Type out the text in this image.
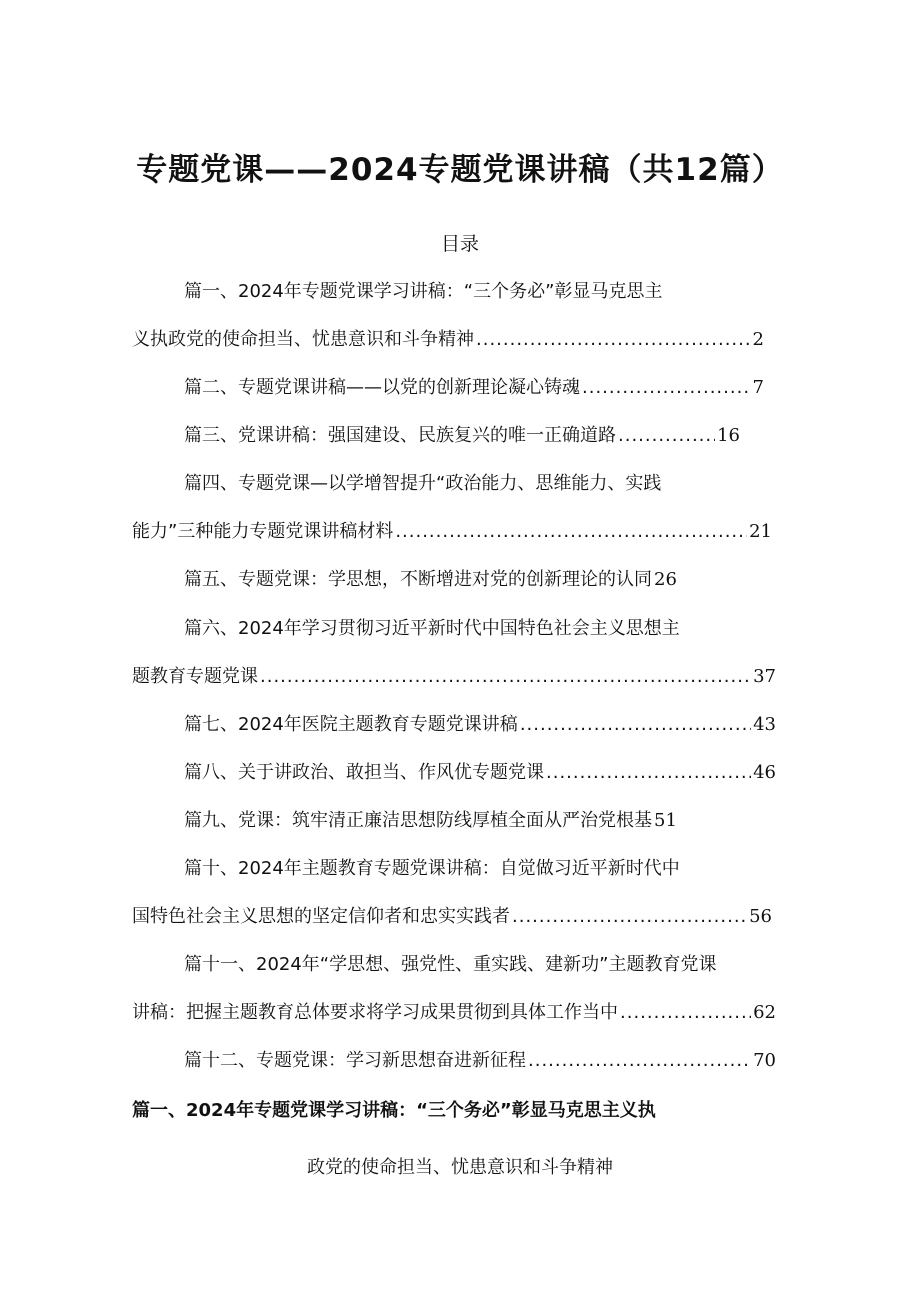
专题党课——2024专题党课讲稿（共12篇）
目录
篇一、2024年专题党课学习讲稿：“三个务必”彰显马克思主
义执政党的使命担当、忧患意识和斗争精神 .....	2
篇二、专题党课讲稿——以党的创新理论凝心铸魂 .....	7
篇三、党课讲稿：强国建设、民族复兴的唯一正确道路 .....	16
篇四、专题党课—以学增智提升“政治能力、思维能力、实践
能力”三种能力专题党课讲稿材料 .....	21
篇五、专题党课：学思想，不断增进对党的创新理论的认同 26
篇六、2024年学习贯彻习近平新时代中国特色社会主义思想主
题教育专题党课 .....	37
篇七、2024年医院主题教育专题党课讲稿 .....	43
篇八、关于讲政治、敢担当、作风优专题党课 .....	46
篇九、党课：筑牢清正廉洁思想防线厚植全面从严治党根基 51
篇十、2024年主题教育专题党课讲稿：自觉做习近平新时代中
国特色社会主义思想的坚定信仰者和忠实实践者 .....	56
篇十一、2024年“学思想、强党性、重实践、建新功”主题教育党课
讲稿：把握主题教育总体要求将学习成果贯彻到具体工作当中 .....	62
篇十二、专题党课：学习新思想奋进新征程 .....	70
篇一、2024年专题党课学习讲稿：“三个务必”彰显马克思主义执
政党的使命担当、忧患意识和斗争精神
